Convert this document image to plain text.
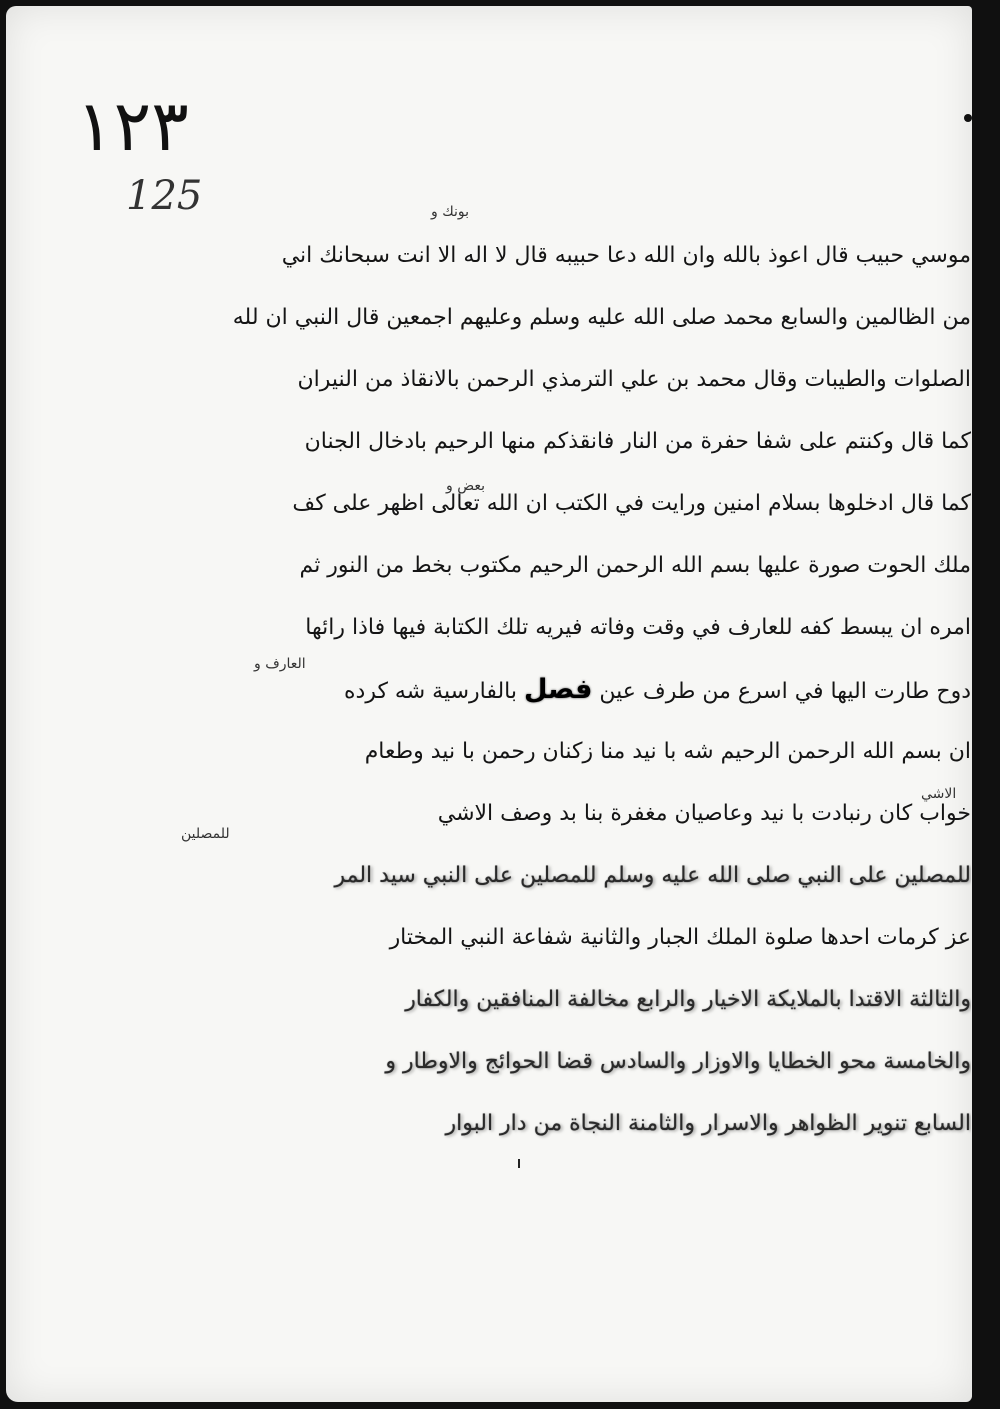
١٢٣
125	بونك و
بعض و
العارف و
للمصلين
الاشي
موسي حبيب قال اعوذ بالله وان الله دعا حبيبه قال لا اله الا انت سبحانك اني
من الظالمين والسابع محمد صلى الله عليه وسلم وعليهم اجمعين قال النبي ان لله
الصلوات والطيبات وقال محمد بن علي الترمذي الرحمن بالانقاذ من النيران
كما قال وكنتم على شفا حفرة من النار فانقذكم منها الرحيم بادخال الجنان
كما قال ادخلوها بسلام امنين ورايت في الكتب ان الله تعالى اظهر على كف
ملك الحوت صورة عليها بسم الله الرحمن الرحيم مكتوب بخط من النور ثم
امره ان يبسط كفه للعارف في وقت وفاته فيريه تلك الكتابة فيها فاذا رائها
دوح طارت اليها في اسرع من طرف عين فصل بالفارسية شه كرده
ان بسم الله الرحمن الرحيم شه با نيد منا زكنان رحمن با نيد وطعام
خواب كان رنبادت با نيد وعاصيان مغفرة بنا بد وصف الاشي
للمصلين على النبي صلى الله عليه وسلم للمصلين على النبي سيد المر
عز كرمات احدها صلوة الملك الجبار والثانية شفاعة النبي المختار
والثالثة الاقتدا بالملايكة الاخيار والرابع مخالفة المنافقين والكفار
والخامسة محو الخطايا والاوزار والسادس قضا الحوائج والاوطار و
السابع تنوير الظواهر والاسرار والثامنة النجاة من دار البوار
